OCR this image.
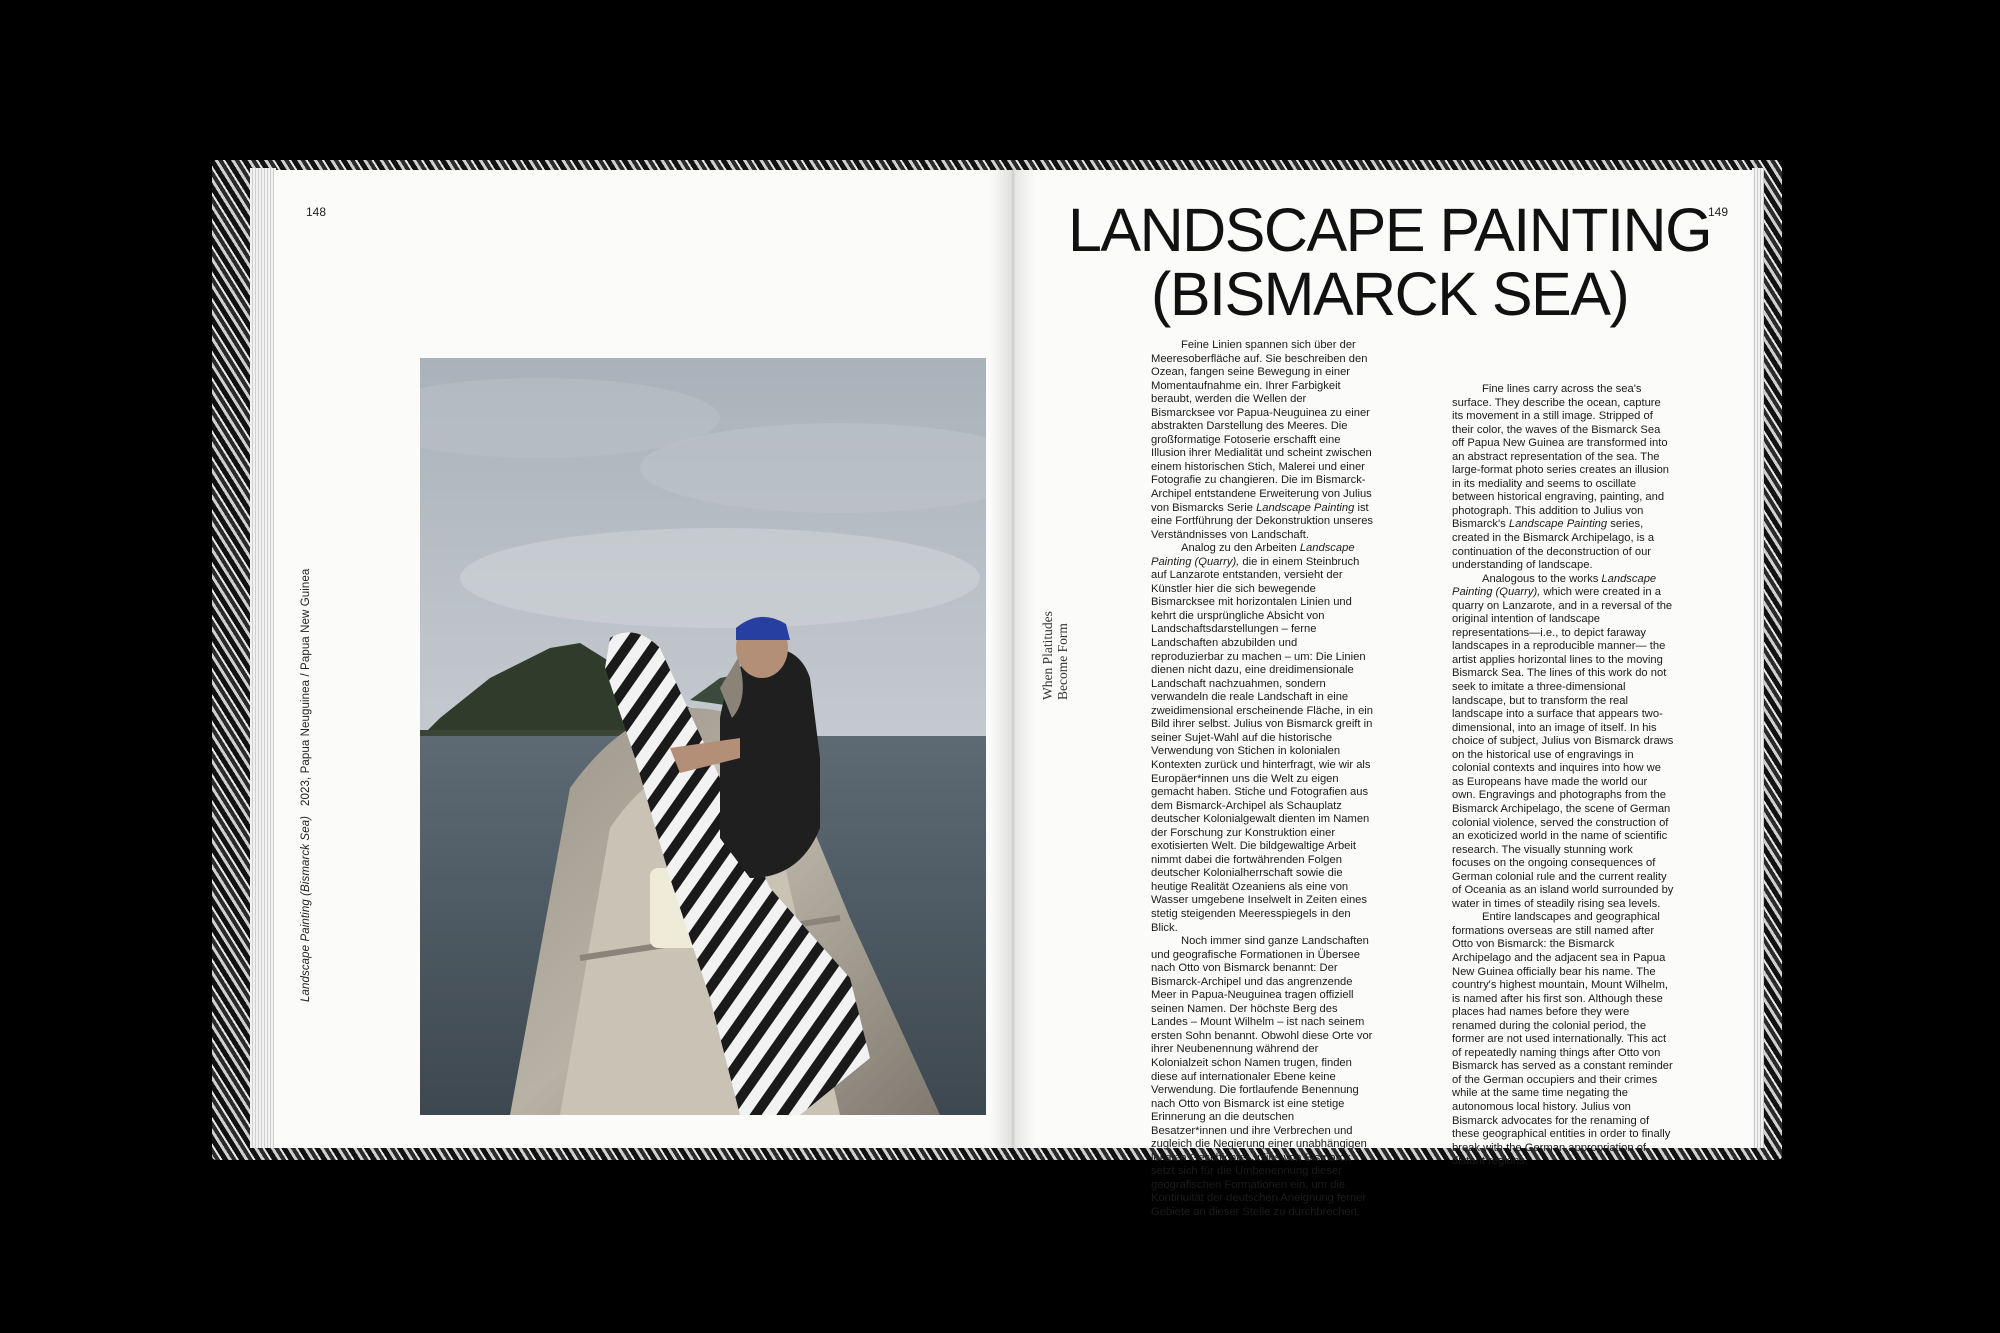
148	149
Landscape Painting (Bismarck Sea)   2023, Papua Neuguinea / Papua New Guinea	When Platitudes Become Form
LANDSCAPE PAINTING
(BISMARCK SEA)

Feine Linien spannen sich über der Meeresoberfläche auf. Sie beschreiben den Ozean, fangen seine Bewegung in einer Momentaufnahme ein. Ihrer Farbigkeit beraubt, werden die Wellen der Bismarcksee vor Papua-Neuguinea zu einer abstrakten Darstellung des Meeres. Die großformatige Fotoserie erschafft eine Illusion ihrer Medialität und scheint zwischen einem historischen Stich, Malerei und einer Fotografie zu changieren. Die im Bismarck-Archipel entstandene Erweiterung von Julius von Bismarcks Serie Landscape Painting ist eine Fortführung der Dekonstruktion unseres Verständnisses von Landschaft.

Analog zu den Arbeiten Landscape Painting (Quarry), die in einem Steinbruch auf Lanzarote entstanden, versieht der Künstler hier die sich bewegende Bismarcksee mit horizontalen Linien und kehrt die ursprüngliche Absicht von Landschaftsdarstellungen – ferne Landschaften abzubilden und reproduzierbar zu machen – um: Die Linien dienen nicht dazu, eine dreidimensionale Landschaft nachzuahmen, sondern verwandeln die reale Landschaft in eine zweidimensional erscheinende Fläche, in ein Bild ihrer selbst. Julius von Bismarck greift in seiner Sujet-Wahl auf die historische Verwendung von Stichen in kolonialen Kontexten zurück und hinterfragt, wie wir als Europäer*innen uns die Welt zu eigen gemacht haben. Stiche und Fotografien aus dem Bismarck-Archipel als Schauplatz deutscher Kolonialgewalt dienten im Namen der Forschung zur Konstruktion einer exotisierten Welt. Die bildgewaltige Arbeit nimmt dabei die fortwährenden Folgen deutscher Kolonialherrschaft sowie die heutige Realität Ozeaniens als eine von Wasser umgebene Inselwelt in Zeiten eines stetig steigenden Meeresspiegels in den Blick.

Noch immer sind ganze Landschaften und geografische Formationen in Übersee nach Otto von Bismarck benannt: Der Bismarck-Archipel und das angrenzende Meer in Papua-Neuguinea tragen offiziell seinen Namen. Der höchste Berg des Landes – Mount Wilhelm – ist nach seinem ersten Sohn benannt. Obwohl diese Orte vor ihrer Neubenennung während der Kolonialzeit schon Namen trugen, finden diese auf internationaler Ebene keine Verwendung. Die fortlaufende Benennung nach Otto von Bismarck ist eine stetige Erinnerung an die deutschen Besatzer*innen und ihre Verbrechen und zugleich die Negierung einer unabhängigen lokalen Geschichte. Julius von Bismarck setzt sich für die Umbenennung dieser geografischen Formationen ein, um die Kontinuität der deutschen Aneignung ferner Gebiete an dieser Stelle zu durchbrechen.

Fine lines carry across the sea's surface. They describe the ocean, capture its movement in a still image. Stripped of their color, the waves of the Bismarck Sea off Papua New Guinea are transformed into an abstract representation of the sea. The large-format photo series creates an illusion in its mediality and seems to oscillate between historical engraving, painting, and photograph. This addition to Julius von Bismarck's Landscape Painting series, created in the Bismarck Archipelago, is a continuation of the deconstruction of our understanding of landscape.

Analogous to the works Landscape Painting (Quarry), which were created in a quarry on Lanzarote, and in a reversal of the original intention of landscape representations—i.e., to depict faraway landscapes in a reproducible manner— the artist applies horizontal lines to the moving Bismarck Sea. The lines of this work do not seek to imitate a three-dimensional landscape, but to transform the real landscape into a surface that appears two-dimensional, into an image of itself. In his choice of subject, Julius von Bismarck draws on the historical use of engravings in colonial contexts and inquires into how we as Europeans have made the world our own. Engravings and photographs from the Bismarck Archipelago, the scene of German colonial violence, served the construction of an exoticized world in the name of scientific research. The visually stunning work focuses on the ongoing consequences of German colonial rule and the current reality of Oceania as an island world surrounded by water in times of steadily rising sea levels.

Entire landscapes and geographical formations overseas are still named after Otto von Bismarck: the Bismarck Archipelago and the adjacent sea in Papua New Guinea officially bear his name. The country's highest mountain, Mount Wilhelm, is named after his first son. Although these places had names before they were renamed during the colonial period, the former are not used internationally. This act of repeatedly naming things after Otto von Bismarck has served as a constant reminder of the German occupiers and their crimes while at the same time negating the autonomous local history. Julius von Bismarck advocates for the renaming of these geographical entities in order to finally break with the German appropriation of distant regions.
